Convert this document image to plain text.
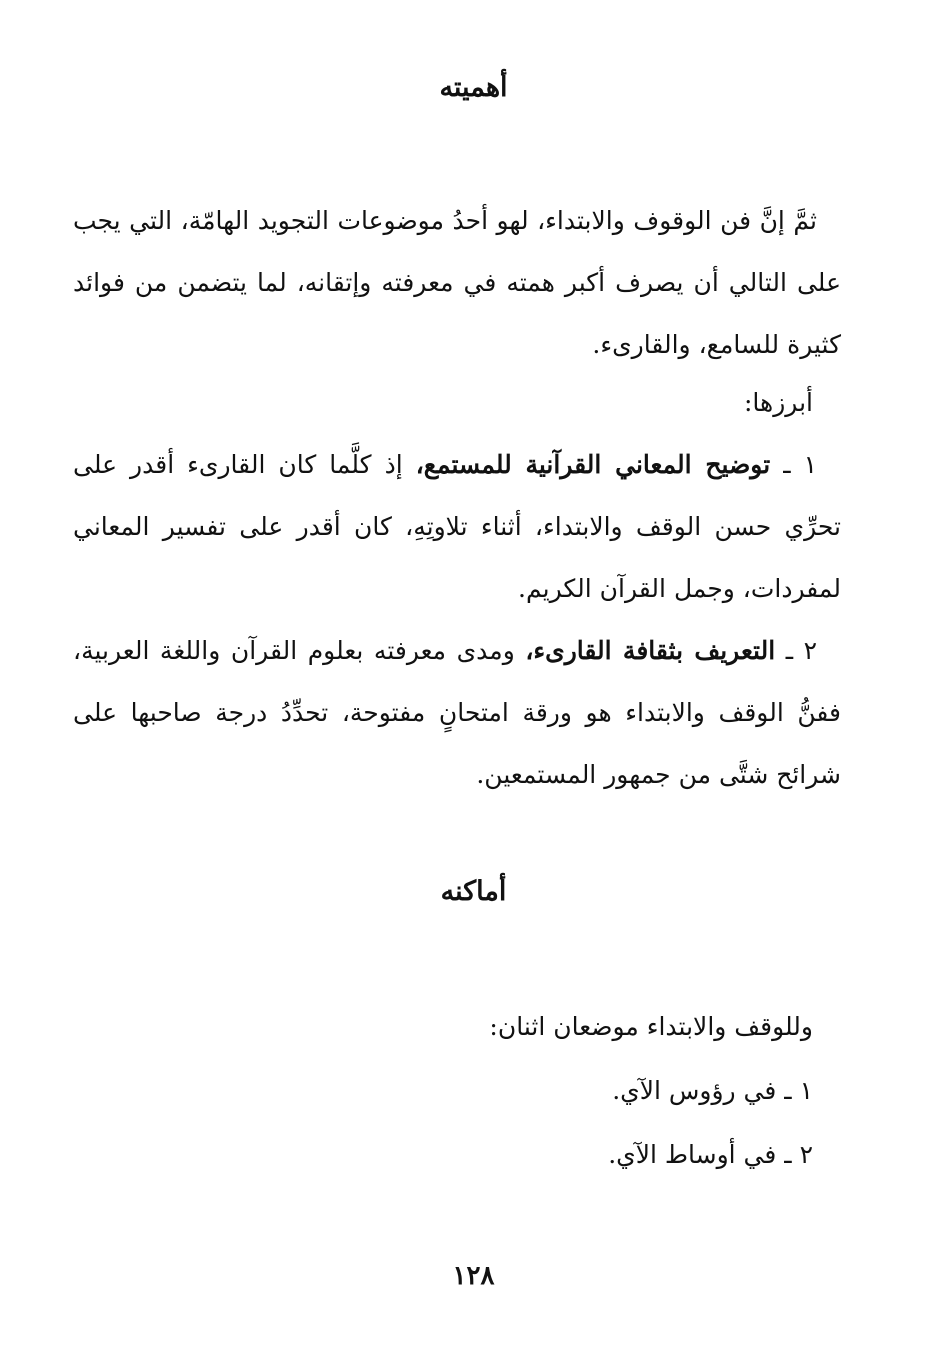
أهميته

ثمَّ إنَّ فن الوقوف والابتداء، لهو أحدُ موضوعات التجويد الهامّة، التي يجب على التالي أن يصرف أكبر همته في معرفته وإتقانه، لما يتضمن من فوائد كثيرة للسامع، والقارىء.

أبرزها:

١ ـ توضيح المعاني القرآنية للمستمع، إذ كلَّما كان القارىء أقدر على تحرِّي حسن الوقف والابتداء، أثناء تلاوتِهِ، كان أقدر على تفسير المعاني لمفردات، وجمل القرآن الكريم.

٢ ـ التعريف بثقافة القارىء، ومدى معرفته بعلوم القرآن واللغة العربية، ففنُّ الوقف والابتداء هو ورقة امتحانٍ مفتوحة، تحدِّدُ درجة صاحبها على شرائح شتَّى من جمهور المستمعين.

أماكنه

وللوقف والابتداء موضعان اثنان:

١ ـ في رؤوس الآي.

٢ ـ في أوساط الآي.

١٢٨
